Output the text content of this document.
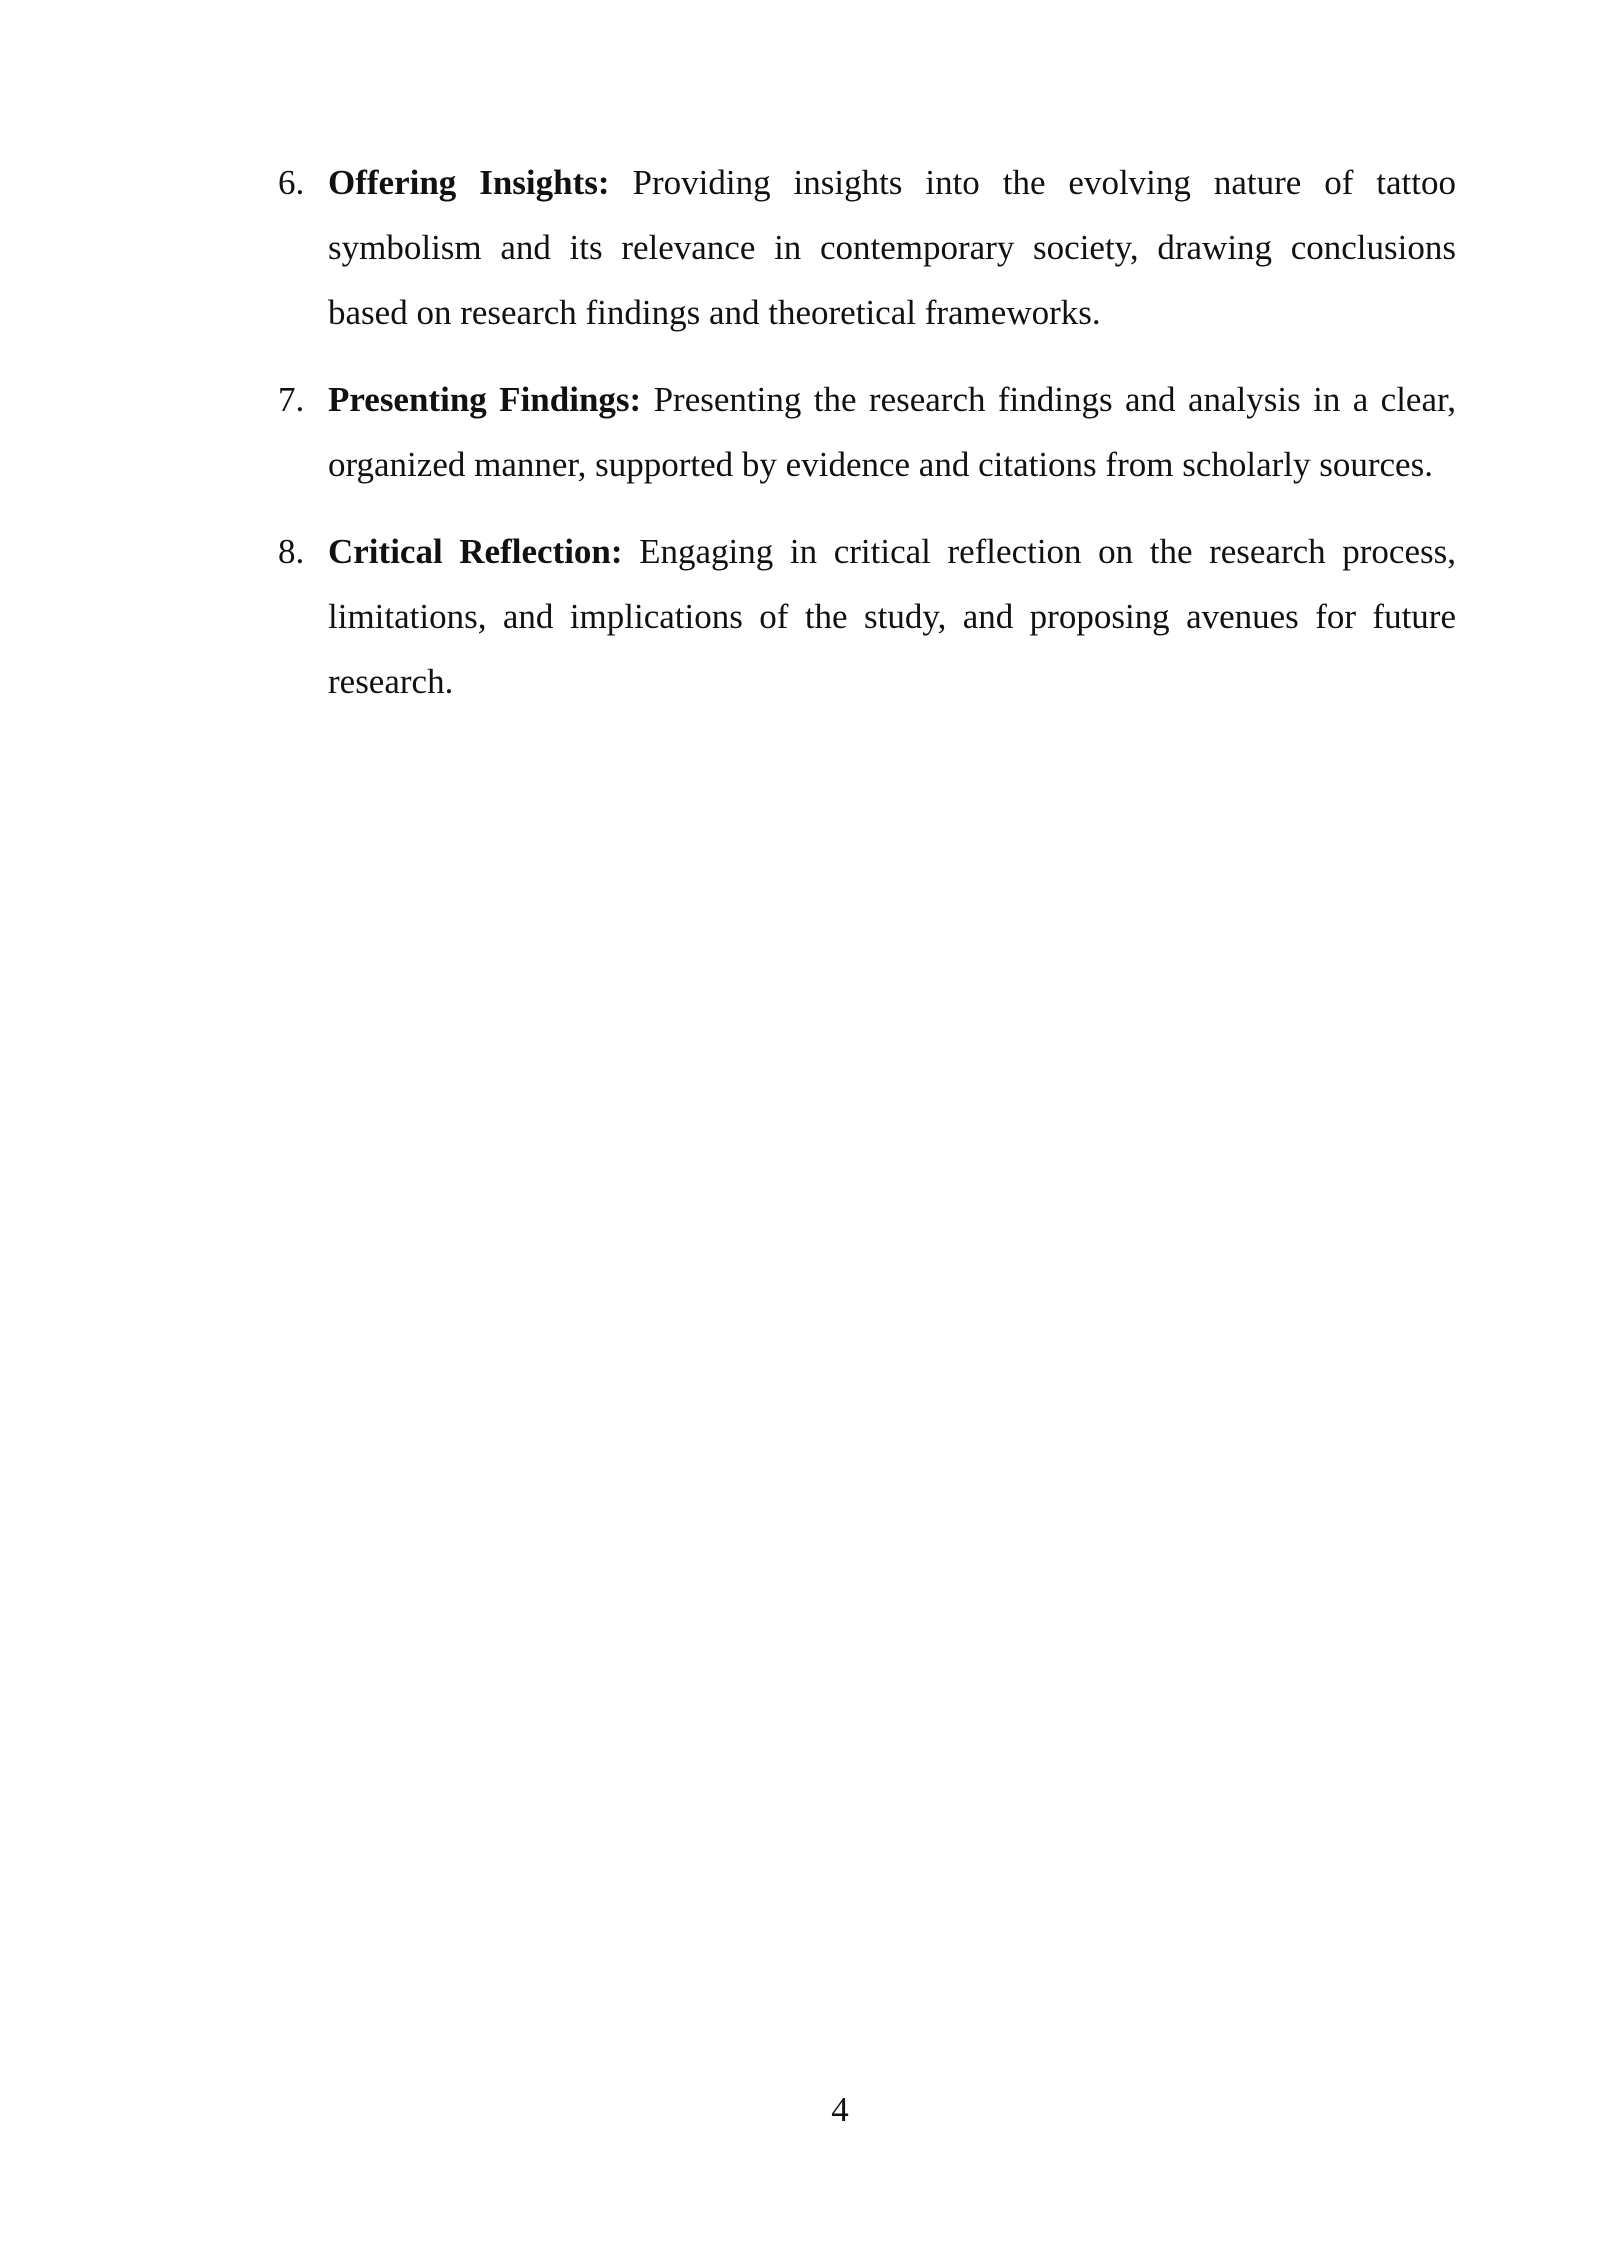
6. Offering Insights: Providing insights into the evolving nature of tattoo symbolism and its relevance in contemporary society, drawing conclusions based on research findings and theoretical frameworks.
7. Presenting Findings: Presenting the research findings and analysis in a clear, organized manner, supported by evidence and citations from scholarly sources.
8. Critical Reflection: Engaging in critical reflection on the research process, limitations, and implications of the study, and proposing avenues for future research.
4
